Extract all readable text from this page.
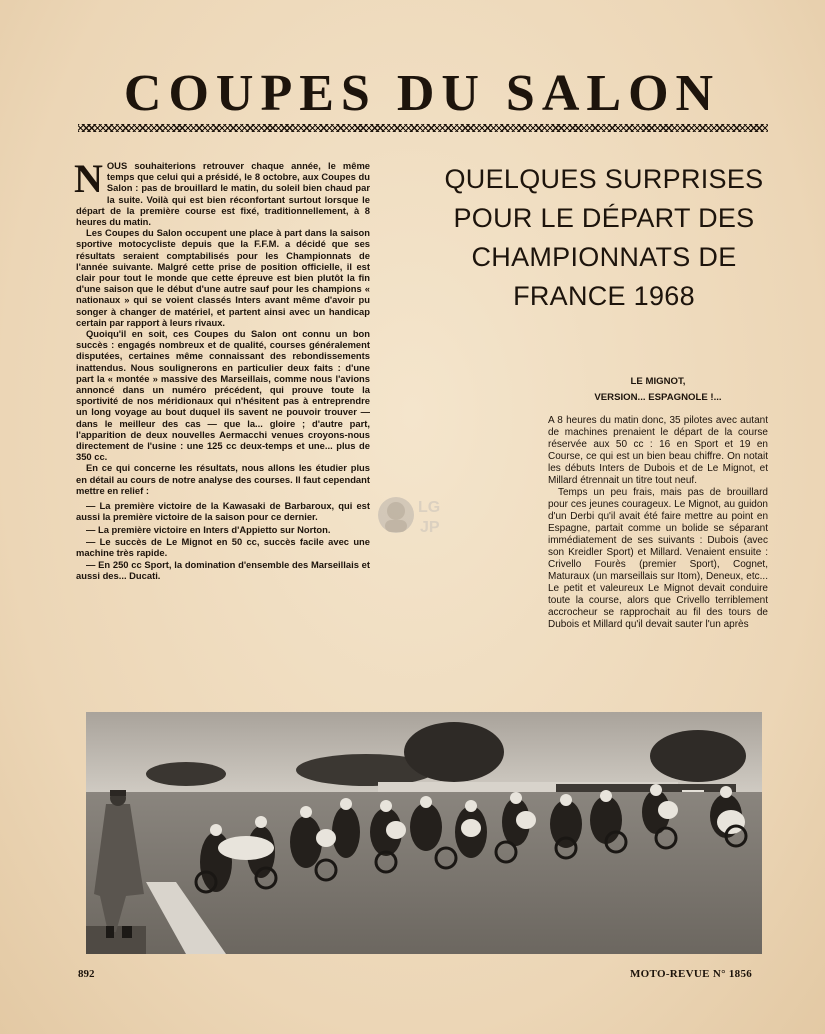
COUPES DU SALON

NOUS souhaiterions retrouver chaque année, le même temps que celui qui a présidé, le 8 octobre, aux Coupes du Salon : pas de brouillard le matin, du soleil bien chaud par la suite. Voilà qui est bien réconfortant surtout lorsque le départ de la première course est fixé, traditionnellement, à 8 heures du matin.

Les Coupes du Salon occupent une place à part dans la saison sportive motocycliste depuis que la F.F.M. a décidé que ses résultats seraient comptabilisés pour les Championnats de l'année suivante. Malgré cette prise de position officielle, il est clair pour tout le monde que cette épreuve est bien plutôt la fin d'une saison que le début d'une autre sauf pour les champions « nationaux » qui se voient classés Inters avant même d'avoir pu songer à changer de matériel, et partent ainsi avec un handicap certain par rapport à leurs rivaux.

Quoiqu'il en soit, ces Coupes du Salon ont connu un bon succès : engagés nombreux et de qualité, courses généralement disputées, certaines même connaissant des rebondissements inattendus. Nous soulignerons en particulier deux faits : d'une part la « montée » massive des Marseillais, comme nous l'avions annoncé dans un numéro précédent, qui prouve toute la sportivité de nos méridionaux qui n'hésitent pas à entreprendre un long voyage au bout duquel ils savent ne pouvoir trouver — dans le meilleur des cas — que la... gloire ; d'autre part, l'apparition de deux nouvelles Aermacchi venues croyons-nous directement de l'usine : une 125 cc deux-temps et une... plus de 350 cc.

En ce qui concerne les résultats, nous allons les étudier plus en détail au cours de notre analyse des courses. Il faut cependant mettre en relief :

— La première victoire de la Kawasaki de Barbaroux, qui est aussi la première victoire de la saison pour ce dernier.
— La première victoire en Inters d'Appietto sur Norton.
— Le succès de Le Mignot en 50 cc, succès facile avec une machine très rapide.
— En 250 cc Sport, la domination d'ensemble des Marseillais et aussi des... Ducati.
QUELQUES SURPRISES
POUR LE DÉPART DES
CHAMPIONNATS DE
FRANCE 1968
LE MIGNOT,
VERSION... ESPAGNOLE !...

A 8 heures du matin donc, 35 pilotes avec autant de machines prenaient le départ de la course réservée aux 50 cc : 16 en Sport et 19 en Course, ce qui est un bien beau chiffre. On notait les débuts Inters de Dubois et de Le Mignot, et Millard étrennait un titre tout neuf.

Temps un peu frais, mais pas de brouillard pour ces jeunes courageux. Le Mignot, au guidon d'un Derbi qu'il avait été faire mettre au point en Espagne, partait comme un bolide se séparant immédiatement de ses suivants : Dubois (avec son Kreidler Sport) et Millard. Venaient ensuite : Crivello Fourès (premier Sport), Cognet, Maturaux (un marseillais sur Itom), Deneux, etc... Le petit et valeureux Le Mignot devait conduire toute la course, alors que Crivello terriblement accrocheur se rapprochait au fil des tours de Dubois et Millard qu'il devait sauter l'un après

LG
JP
892	MOTO-REVUE N° 1856
